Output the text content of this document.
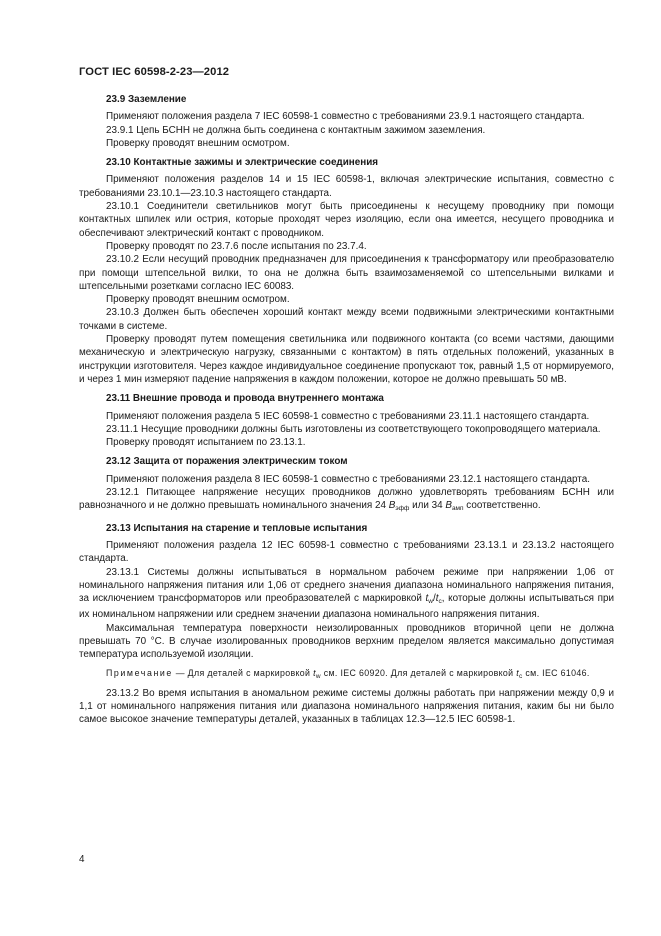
ГОСТ IEC 60598-2-23—2012
23.9 Заземление

Применяют положения раздела 7 IEC 60598-1 совместно с требованиями 23.9.1 настоящего стандарта.

23.9.1 Цепь БСНН не должна быть соединена с контактным зажимом заземления.

Проверку проводят внешним осмотром.

23.10 Контактные зажимы и электрические соединения

Применяют положения разделов 14 и 15 IEC 60598-1, включая электрические испытания, совместно с требованиями 23.10.1—23.10.3 настоящего стандарта.

23.10.1 Соединители светильников могут быть присоединены к несущему проводнику при помощи контактных шпилек или острия, которые проходят через изоляцию, если она имеется, несущего проводника и обеспечивают электрический контакт с проводником.

Проверку проводят по 23.7.6 после испытания по 23.7.4.

23.10.2 Если несущий проводник предназначен для присоединения к трансформатору или преобразователю при помощи штепсельной вилки, то она не должна быть взаимозаменяемой со штепсельными вилками и штепсельными розетками согласно IEC 60083.

Проверку проводят внешним осмотром.

23.10.3 Должен быть обеспечен хороший контакт между всеми подвижными электрическими контактными точками в системе.

Проверку проводят путем помещения светильника или подвижного контакта (со всеми частями, дающими механическую и электрическую нагрузку, связанными с контактом) в пять отдельных положений, указанных в инструкции изготовителя. Через каждое индивидуальное соединение пропускают ток, равный 1,5 от нормируемого, и через 1 мин измеряют падение напряжения в каждом положении, которое не должно превышать 50 мВ.

23.11 Внешние провода и провода внутреннего монтажа

Применяют положения раздела 5 IEC 60598-1 совместно с требованиями 23.11.1 настоящего стандарта.

23.11.1 Несущие проводники должны быть изготовлены из соответствующего токопроводящего материала.

Проверку проводят испытанием по 23.13.1.

23.12 Защита от поражения электрическим током

Применяют положения раздела 8 IEC 60598-1 совместно с требованиями 23.12.1 настоящего стандарта.

23.12.1 Питающее напряжение несущих проводников должно удовлетворять требованиям БСНН или равнозначного и не должно превышать номинального значения 24 $В_{эфф}$ или 34 $В_{амп}$ соответственно.

23.13 Испытания на старение и тепловые испытания

Применяют положения раздела 12 IEC 60598-1 совместно с требованиями 23.13.1 и 23.13.2 настоящего стандарта.

23.13.1 Системы должны испытываться в нормальном рабочем режиме при напряжении 1,06 от номинального напряжения питания или 1,06 от среднего значения диапазона номинального напряжения питания, за исключением трансформаторов или преобразователей с маркировкой $t_w/t_c$, которые должны испытываться при их номинальном напряжении или среднем значении диапазона номинального напряжения питания.

Максимальная температура поверхности неизолированных проводников вторичной цепи не должна превышать 70 °С. В случае изолированных проводников верхним пределом является максимально допустимая температура используемой изоляции.

Примечание — Для деталей с маркировкой $t_w$ см. IEC 60920. Для деталей с маркировкой $t_c$ см. IEC 61046.

23.13.2 Во время испытания в аномальном режиме системы должны работать при напряжении между 0,9 и 1,1 от номинального напряжения питания или диапазона номинального напряжения питания, каким бы ни было самое высокое значение температуры деталей, указанных в таблицах 12.3—12.5 IEC 60598-1.

4
